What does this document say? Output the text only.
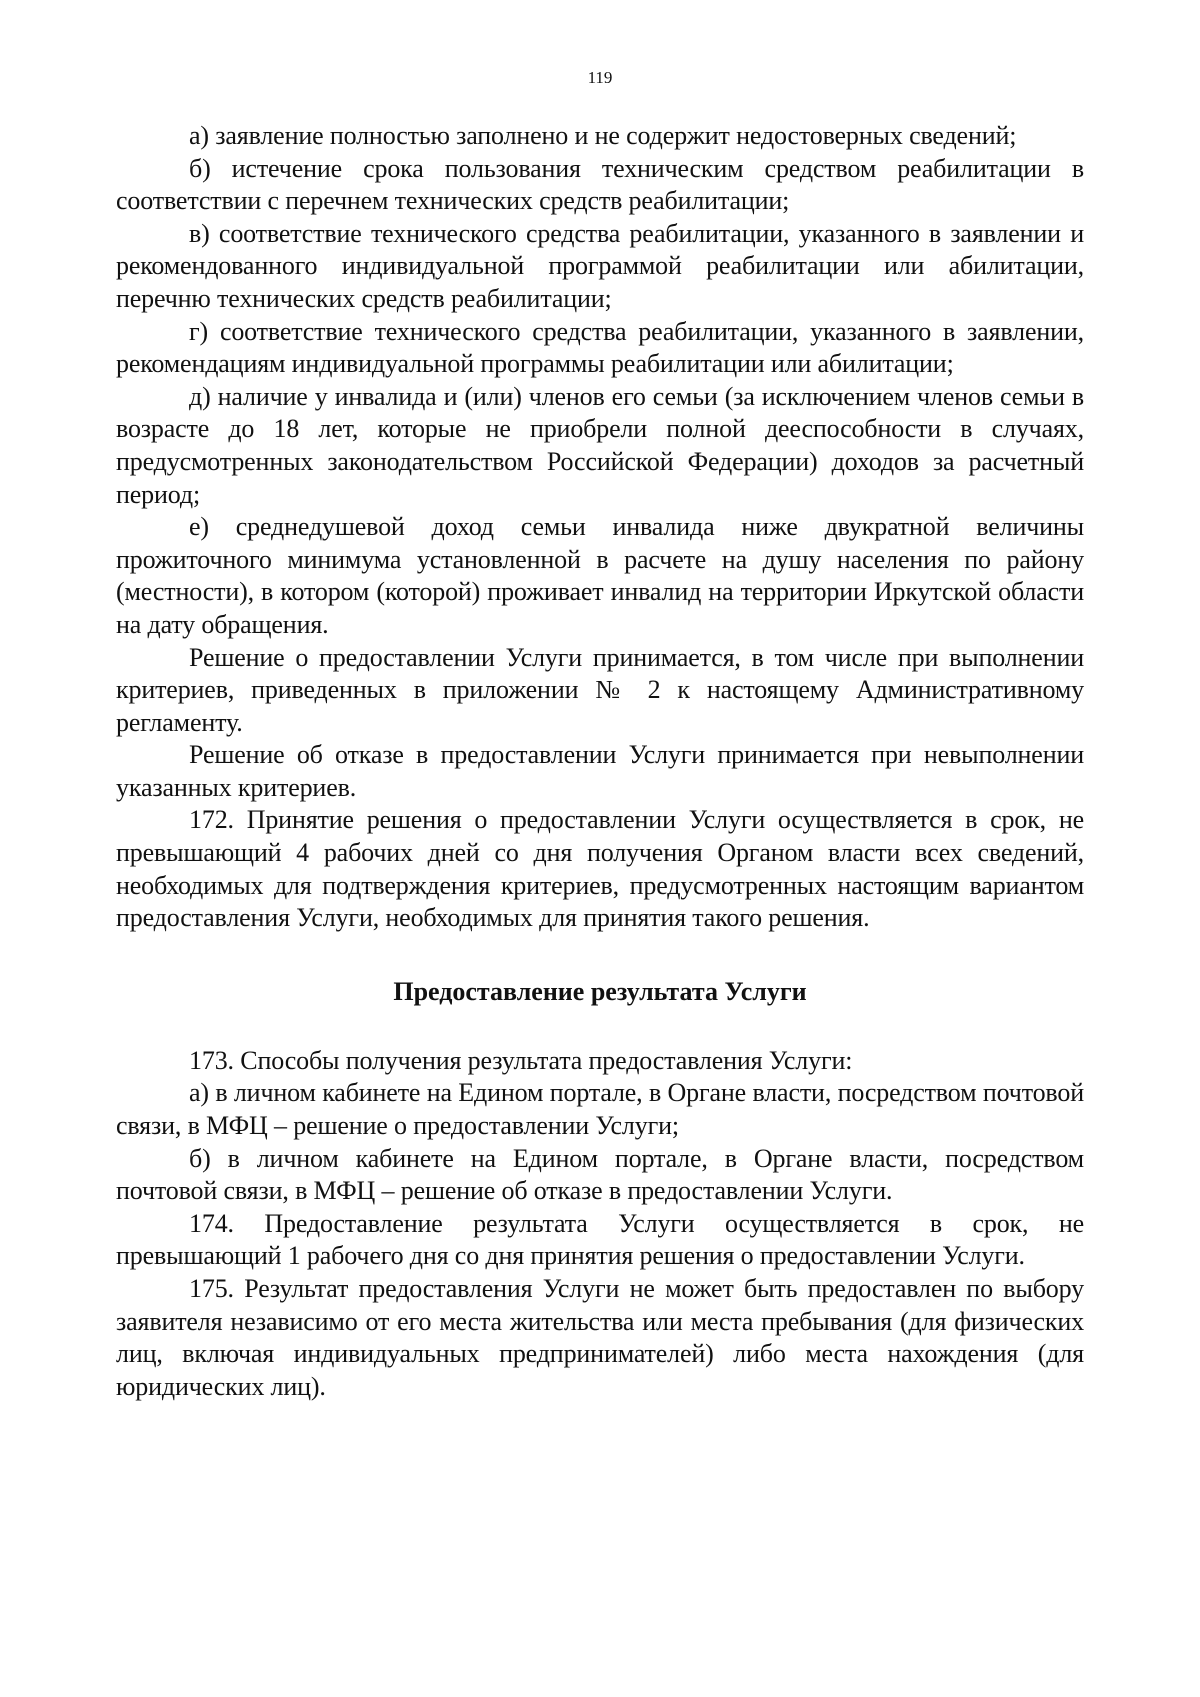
119

а) заявление полностью заполнено и не содержит недостоверных сведений;

б) истечение срока пользования техническим средством реабилитации в соответствии с перечнем технических средств реабилитации;

в) соответствие технического средства реабилитации, указанного в заявлении и рекомендованного индивидуальной программой реабилитации или абилитации, перечню технических средств реабилитации;

г) соответствие технического средства реабилитации, указанного в заявлении, рекомендациям индивидуальной программы реабилитации или абилитации;

д) наличие у инвалида и (или) членов его семьи (за исключением членов семьи в возрасте до 18 лет, которые не приобрели полной дееспособности в случаях, предусмотренных законодательством Российской Федерации) доходов за расчетный период;

е) среднедушевой доход семьи инвалида ниже двукратной величины прожиточного минимума установленной в расчете на душу населения по району (местности), в котором (которой) проживает инвалид на территории Иркутской области на дату обращения.

Решение о предоставлении Услуги принимается, в том числе при выполнении критериев, приведенных в приложении № 2 к настоящему Административному регламенту.

Решение об отказе в предоставлении Услуги принимается при невыполнении указанных критериев.

172. Принятие решения о предоставлении Услуги осуществляется в срок, не превышающий 4 рабочих дней со дня получения Органом власти всех сведений, необходимых для подтверждения критериев, предусмотренных настоящим вариантом предоставления Услуги, необходимых для принятия такого решения.

Предоставление результата Услуги

173. Способы получения результата предоставления Услуги:

а) в личном кабинете на Едином портале, в Органе власти, посредством почтовой связи, в МФЦ – решение о предоставлении Услуги;

б) в личном кабинете на Едином портале, в Органе власти, посредством почтовой связи, в МФЦ – решение об отказе в предоставлении Услуги.

174. Предоставление результата Услуги осуществляется в срок, не превышающий 1 рабочего дня со дня принятия решения о предоставлении Услуги.

175. Результат предоставления Услуги не может быть предоставлен по выбору заявителя независимо от его места жительства или места пребывания (для физических лиц, включая индивидуальных предпринимателей) либо места нахождения (для юридических лиц).
